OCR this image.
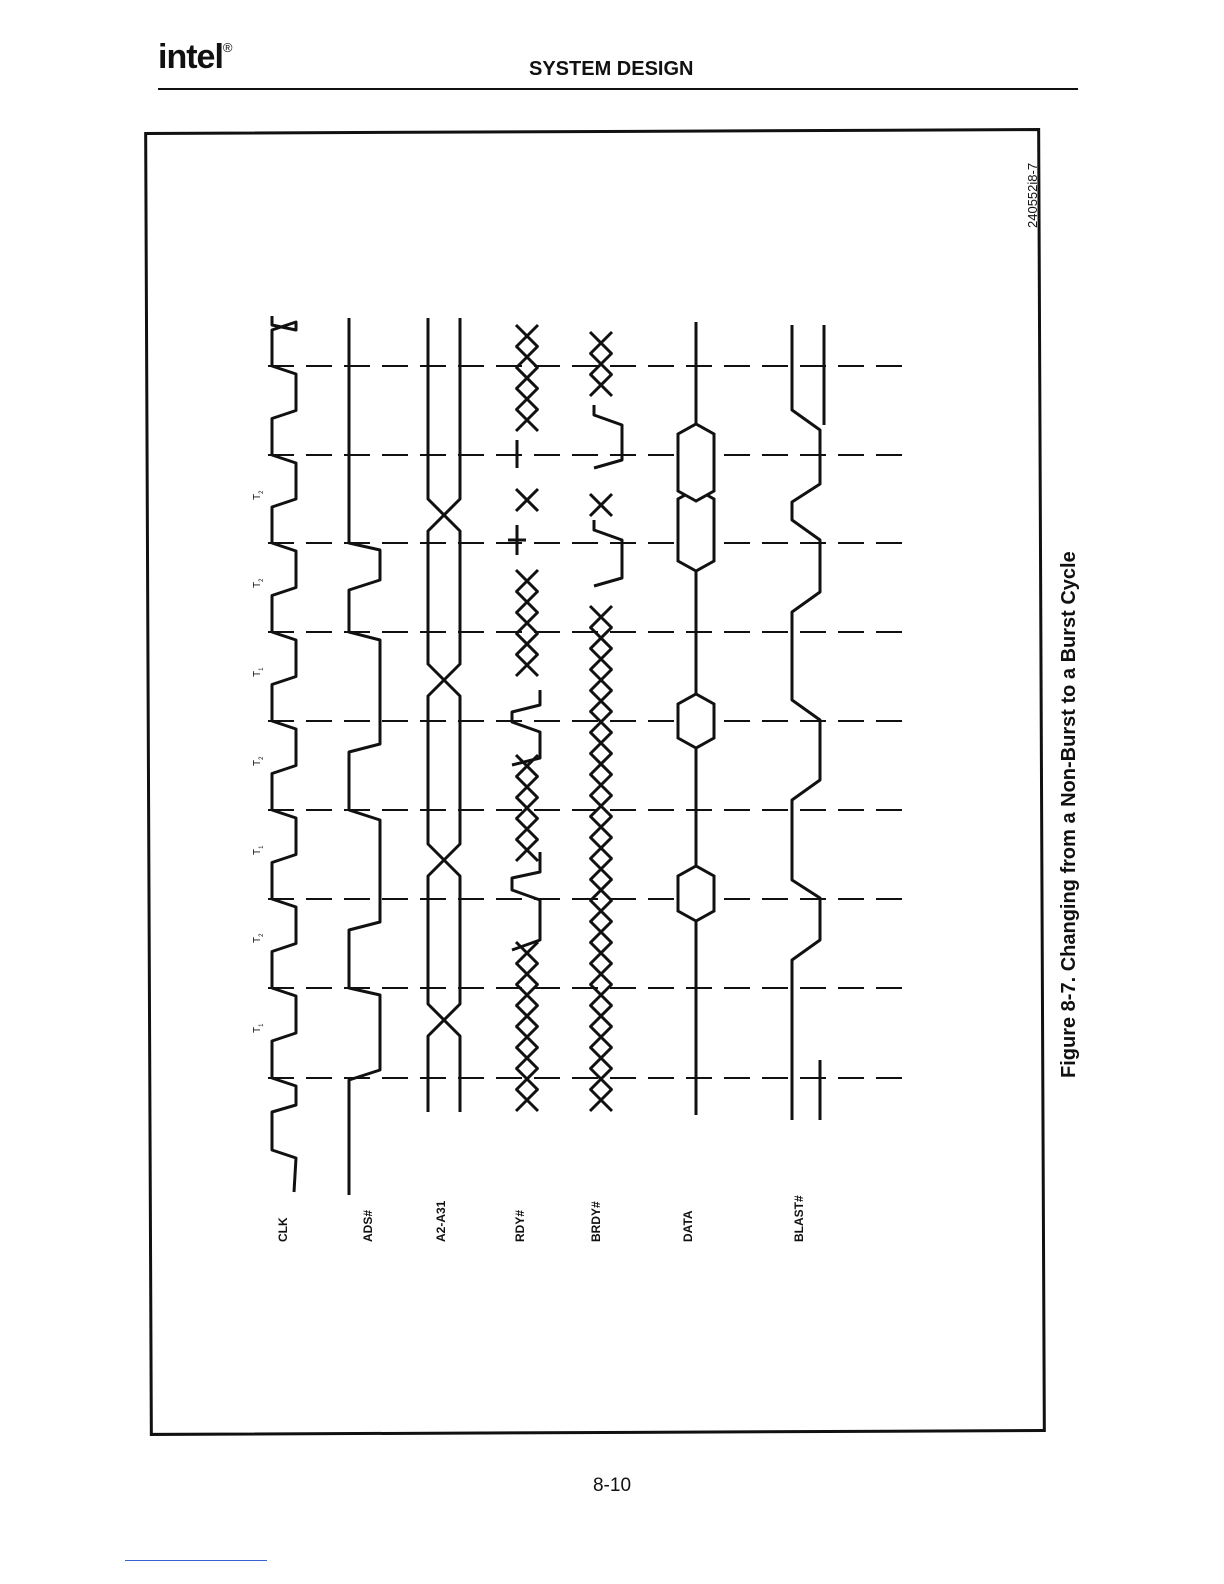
intel®
SYSTEM DESIGN
CLK	ADS#	A2-A31	RDY#	BRDY#	DATA	BLAST#
$T_1$
$T_2$
$T_1$
$T_2$
$T_1$
$T_2$
$T_2$
Figure 8-7. Changing from a Non-Burst to a Burst Cycle
240552i8-7
8-10
